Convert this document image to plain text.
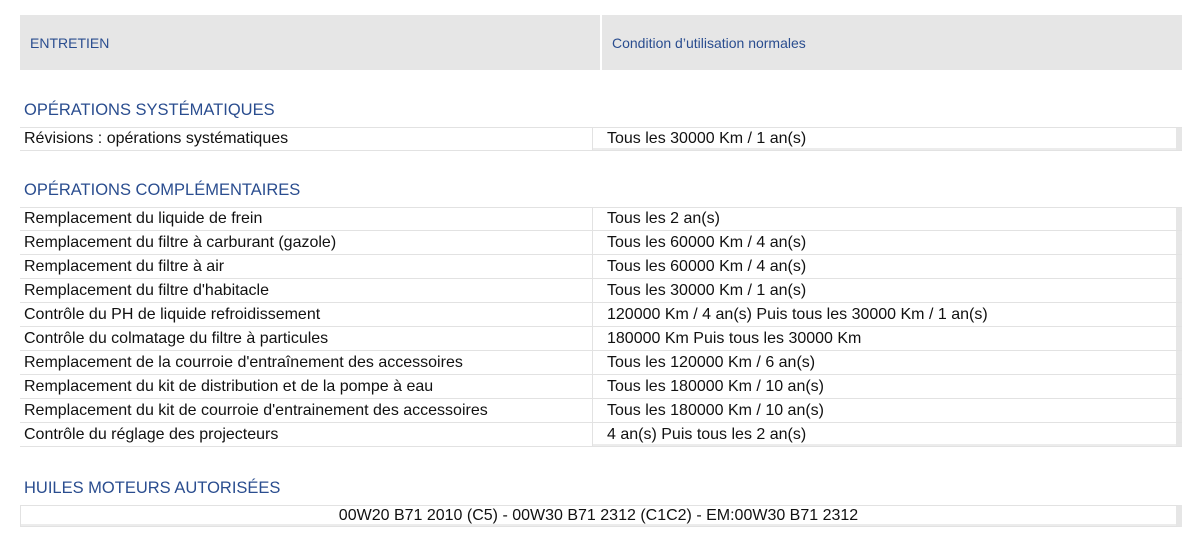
ENTRETIEN	Condition d’utilisation normales
OPÉRATIONS SYSTÉMATIQUES
Révisions : opérations systématiques	Tous les 30000 Km / 1 an(s)
OPÉRATIONS COMPLÉMENTAIRES
Remplacement du liquide de frein	Tous les 2 an(s)
Remplacement du filtre à carburant (gazole)	Tous les 60000 Km / 4 an(s)
Remplacement du filtre à air	Tous les 60000 Km / 4 an(s)
Remplacement du filtre d'habitacle	Tous les 30000 Km / 1 an(s)
Contrôle du PH de liquide refroidissement	120000 Km / 4 an(s) Puis tous les 30000 Km / 1 an(s)
Contrôle du colmatage du filtre à particules	180000 Km Puis tous les 30000 Km
Remplacement de la courroie d'entraînement des accessoires	Tous les 120000 Km / 6 an(s)
Remplacement du kit de distribution et de la pompe à eau	Tous les 180000 Km / 10 an(s)
Remplacement du kit de courroie d'entrainement des accessoires	Tous les 180000 Km / 10 an(s)
Contrôle du réglage des projecteurs	4 an(s) Puis tous les 2 an(s)
HUILES MOTEURS AUTORISÉES
00W20 B71 2010 (C5) - 00W30 B71 2312 (C1C2) - EM:00W30 B71 2312
